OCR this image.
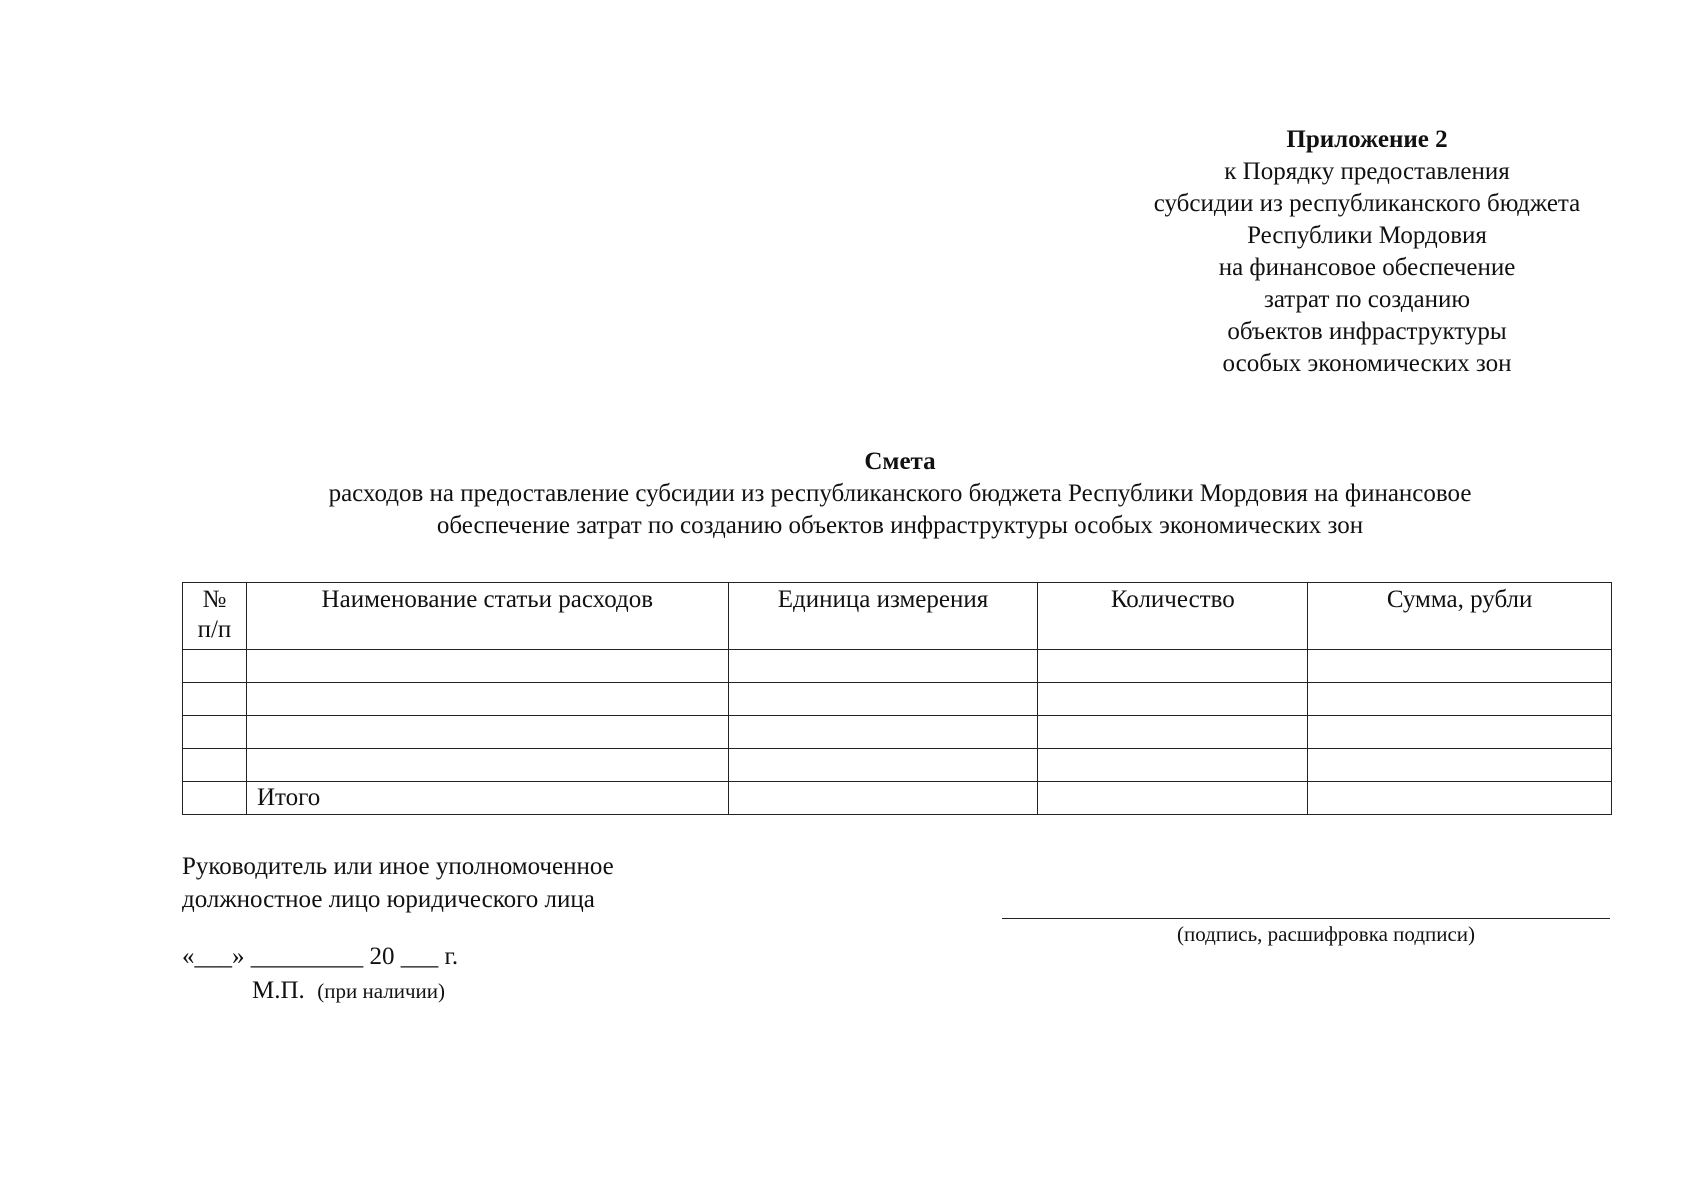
Приложение 2
к Порядку предоставления
субсидии из республиканского бюджета
Республики Мордовия
на финансовое обеспечение
затрат по созданию
объектов инфраструктуры
особых экономических зон
Смета
расходов на предоставление субсидии из республиканского бюджета Республики Мордовия на финансовое
обеспечение затрат по созданию объектов инфраструктуры особых экономических зон
№
п/п	Наименование статьи расходов	Единица измерения	Количество	Сумма, рубли

	Итого			
Руководитель или иное уполномоченное
должностное лицо юридического лица
(подпись, расшифровка подписи)
«___» _________ 20 ___ г.
М.П. (при наличии)
